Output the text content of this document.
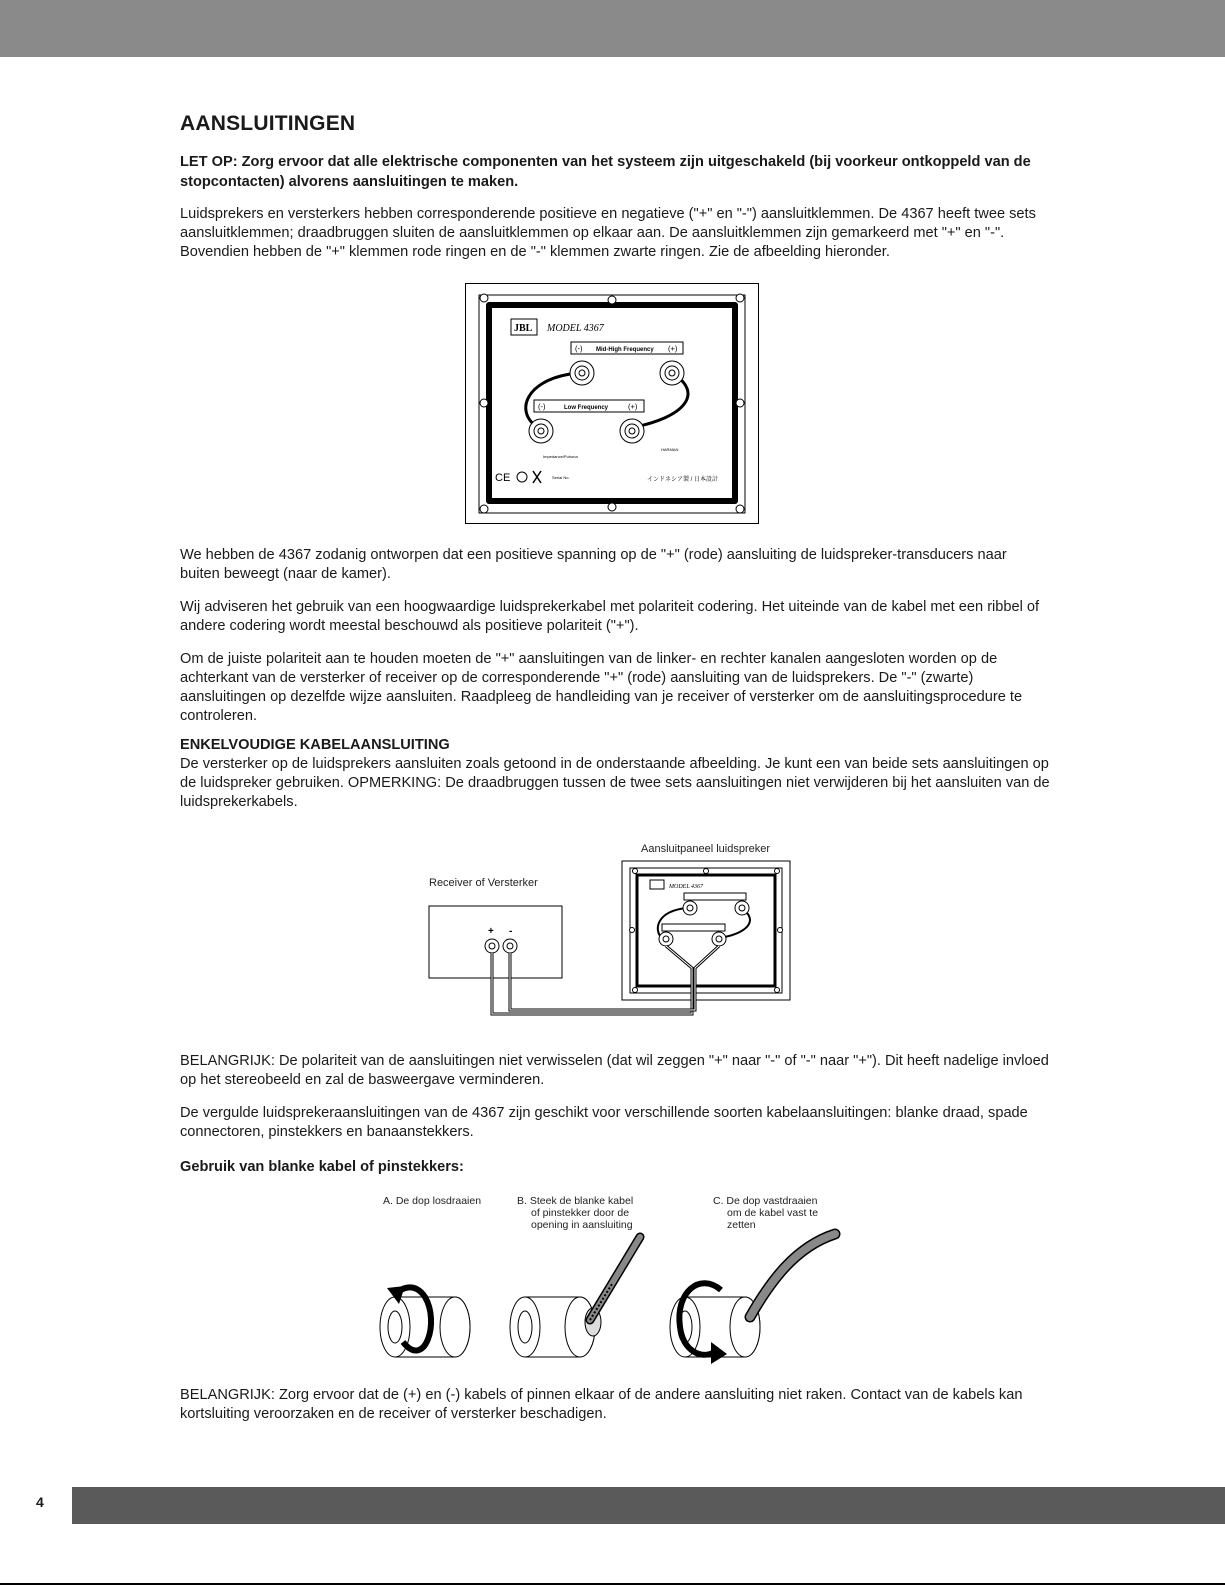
AANSLUITINGEN
LET OP: Zorg ervoor dat alle elektrische componenten van het systeem zijn uitgeschakeld (bij voorkeur ontkoppeld van de stopcontacten) alvorens aansluitingen te maken.

Luidsprekers en versterkers hebben corresponderende positieve en negatieve ("+" en "-") aansluitklemmen. De 4367 heeft twee sets aansluitklemmen; draadbruggen sluiten de aansluitklemmen op elkaar aan. De aansluitklemmen zijn gemarkeerd met "+" en "-". Bovendien hebben de "+" klemmen rode ringen en de "-" klemmen zwarte ringen. Zie de afbeelding hieronder.

JBL MODEL 4367
(-) Mid-High Frequency (+)
(-)	Low Frequency	(+)
CE	Serial No.
Impedance/Puhona
HARMAN
インドネシア製 / 日本設計

We hebben de 4367 zodanig ontworpen dat een positieve spanning op de "+" (rode) aansluiting de luidspreker-transducers naar buiten beweegt (naar de kamer).

Wij adviseren het gebruik van een hoogwaardige luidsprekerkabel met polariteit codering. Het uiteinde van de kabel met een ribbel of andere codering wordt meestal beschouwd als positieve polariteit ("+").

Om de juiste polariteit aan te houden moeten de "+" aansluitingen van de linker- en rechter kanalen aangesloten worden op de achterkant van de versterker of receiver op de corresponderende "+" (rode) aansluiting van de luidsprekers. De "-" (zwarte) aansluitingen op dezelfde wijze aansluiten. Raadpleeg de handleiding van je receiver of versterker om de aansluitingsprocedure te controleren.

ENKELVOUDIGE KABELAANSLUITING

De versterker op de luidsprekers aansluiten zoals getoond in de onderstaande afbeelding. Je kunt een van beide sets aansluitingen op de luidspreker gebruiken. OPMERKING: De draadbruggen tussen de twee sets aansluitingen niet verwijderen bij het aansluiten van de luidsprekerkabels.

Aansluitpaneel luidspreker
Receiver of Versterker
+ -
MODEL 4367

BELANGRIJK: De polariteit van de aansluitingen niet verwisselen (dat wil zeggen "+" naar "-" of "-" naar "+"). Dit heeft nadelige invloed op het stereobeeld en zal de basweergave verminderen.

De vergulde luidsprekeraansluitingen van de 4367 zijn geschikt voor verschillende soorten kabelaansluitingen: blanke draad, spade connectoren, pinstekkers en banaanstekkers.

Gebruik van blanke kabel of pinstekkers:
A. De dop losdraaien	B. Steek de blanke kabel
of pinstekker door de
opening in aansluiting
C. De dop vastdraaien
om de kabel vast te
zetten

BELANGRIJK: Zorg ervoor dat de (+) en (-) kabels of pinnen elkaar of de andere aansluiting niet raken. Contact van de kabels kan kortsluiting veroorzaken en de receiver of versterker beschadigen.

4
